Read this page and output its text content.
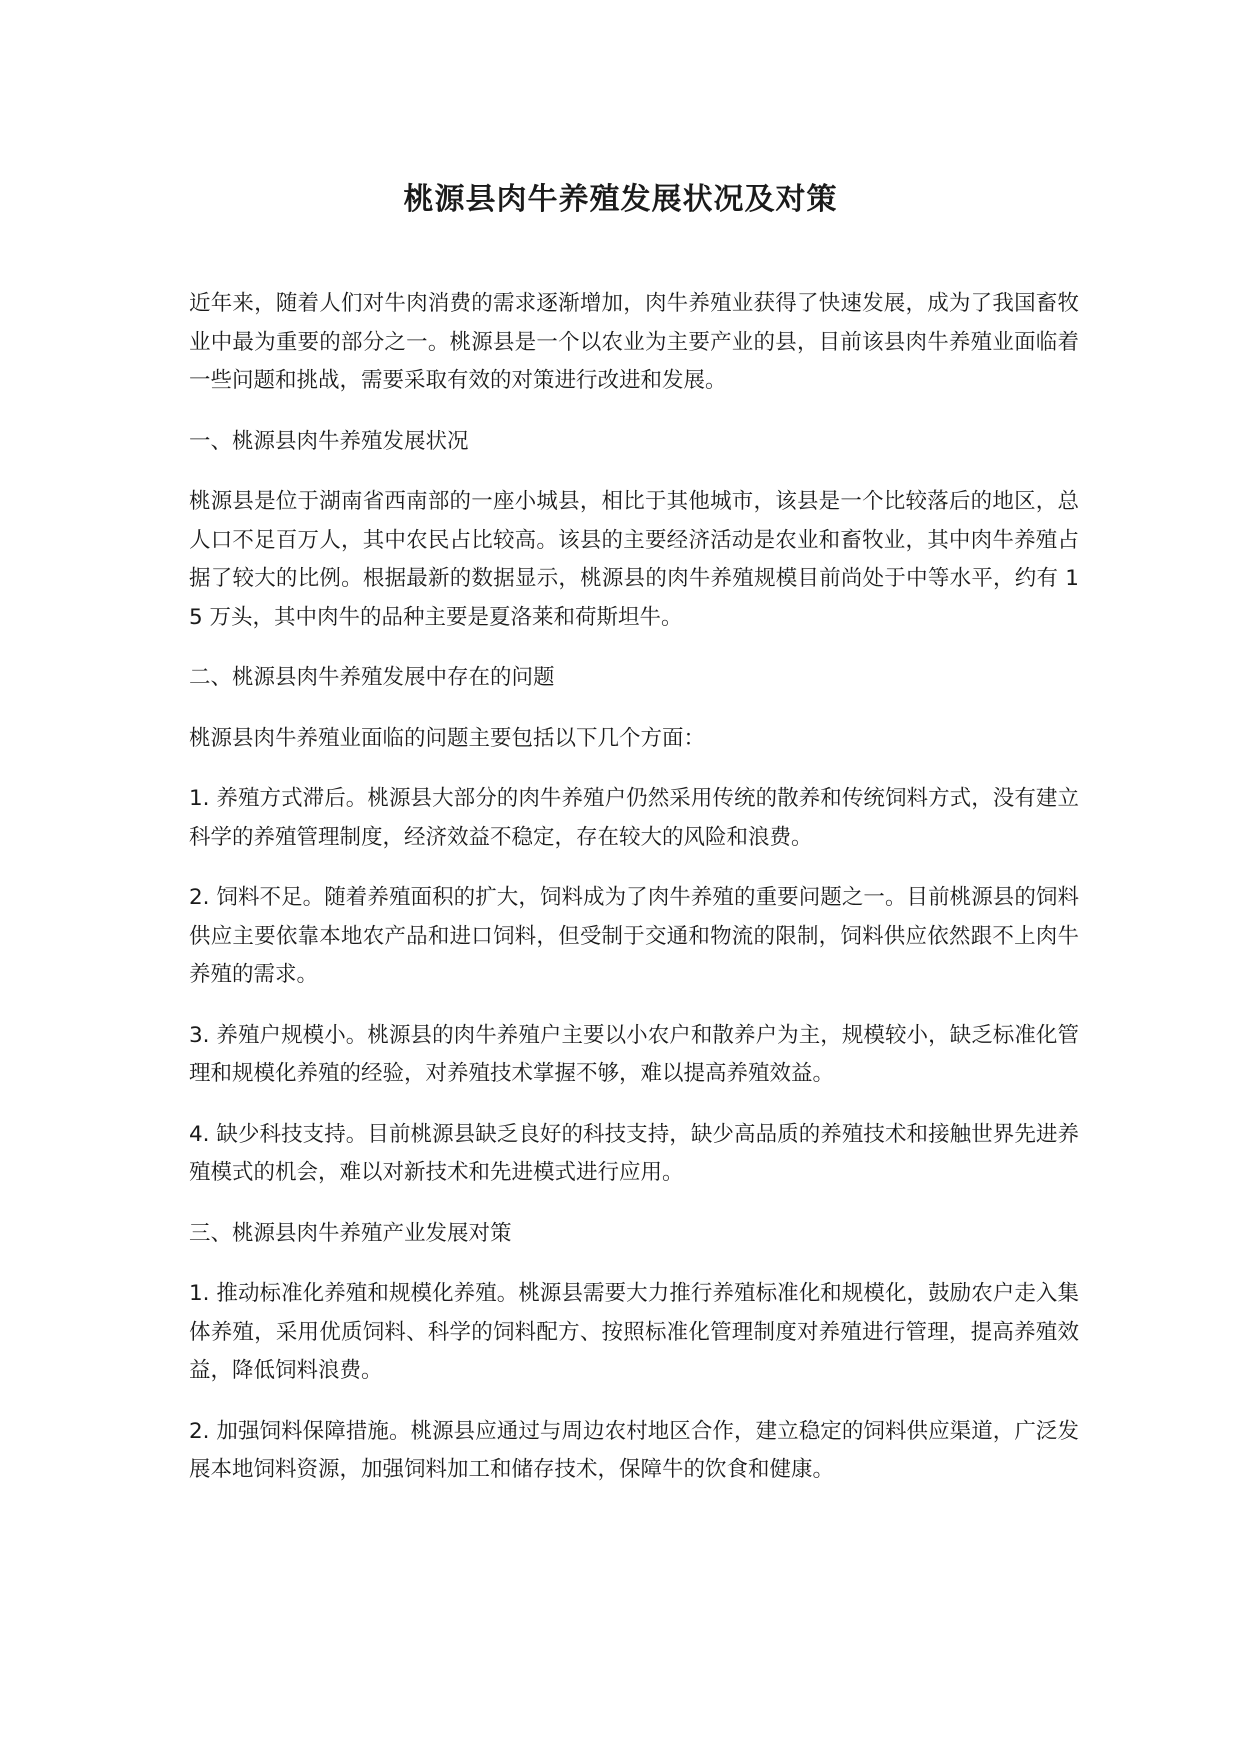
桃源县肉牛养殖发展状况及对策

近年来，随着人们对牛肉消费的需求逐渐增加，肉牛养殖业获得了快速发展，成为了我国畜牧业中最为重要的部分之一。桃源县是一个以农业为主要产业的县，目前该县肉牛养殖业面临着一些问题和挑战，需要采取有效的对策进行改进和发展。

一、桃源县肉牛养殖发展状况

桃源县是位于湖南省西南部的一座小城县，相比于其他城市，该县是一个比较落后的地区，总人口不足百万人，其中农民占比较高。该县的主要经济活动是农业和畜牧业，其中肉牛养殖占据了较大的比例。根据最新的数据显示，桃源县的肉牛养殖规模目前尚处于中等水平，约有 15 万头，其中肉牛的品种主要是夏洛莱和荷斯坦牛。

二、桃源县肉牛养殖发展中存在的问题

桃源县肉牛养殖业面临的问题主要包括以下几个方面：

1. 养殖方式滞后。桃源县大部分的肉牛养殖户仍然采用传统的散养和传统饲料方式，没有建立科学的养殖管理制度，经济效益不稳定，存在较大的风险和浪费。

2. 饲料不足。随着养殖面积的扩大，饲料成为了肉牛养殖的重要问题之一。目前桃源县的饲料供应主要依靠本地农产品和进口饲料，但受制于交通和物流的限制，饲料供应依然跟不上肉牛养殖的需求。

3. 养殖户规模小。桃源县的肉牛养殖户主要以小农户和散养户为主，规模较小，缺乏标准化管理和规模化养殖的经验，对养殖技术掌握不够，难以提高养殖效益。

4. 缺少科技支持。目前桃源县缺乏良好的科技支持，缺少高品质的养殖技术和接触世界先进养殖模式的机会，难以对新技术和先进模式进行应用。

三、桃源县肉牛养殖产业发展对策

1. 推动标准化养殖和规模化养殖。桃源县需要大力推行养殖标准化和规模化，鼓励农户走入集体养殖，采用优质饲料、科学的饲料配方、按照标准化管理制度对养殖进行管理，提高养殖效益，降低饲料浪费。

2. 加强饲料保障措施。桃源县应通过与周边农村地区合作，建立稳定的饲料供应渠道，广泛发展本地饲料资源，加强饲料加工和储存技术，保障牛的饮食和健康。
